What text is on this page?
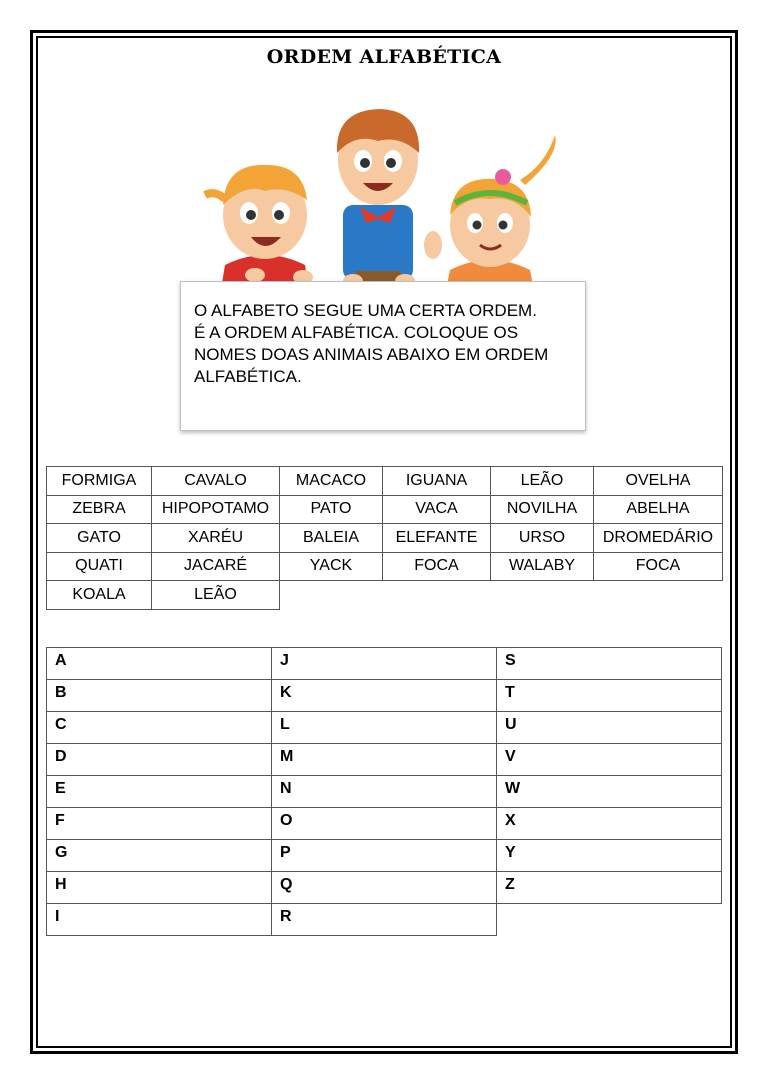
ORDEM ALFABÉTICA

O ALFABETO SEGUE UMA CERTA ORDEM.

É A ORDEM ALFABÉTICA. COLOQUE OS

NOMES DOAS ANIMAIS ABAIXO EM ORDEM

ALFABÉTICA.

FORMIGA	CAVALO	MACACO	IGUANA	LEÃO	OVELHA
ZEBRA	HIPOPOTAMO	PATO	VACA	NOVILHA	ABELHA
GATO	XARÉU	BALEIA	ELEFANTE	URSO	DROMEDÁRIO
QUATI	JACARÉ	YACK	FOCA	WALABY	FOCA
KOALA	LEÃO				
A	J	S
B	K	T
C	L	U
D	M	V
E	N	W
F	O	X
G	P	Y
H	Q	Z
I	R	
